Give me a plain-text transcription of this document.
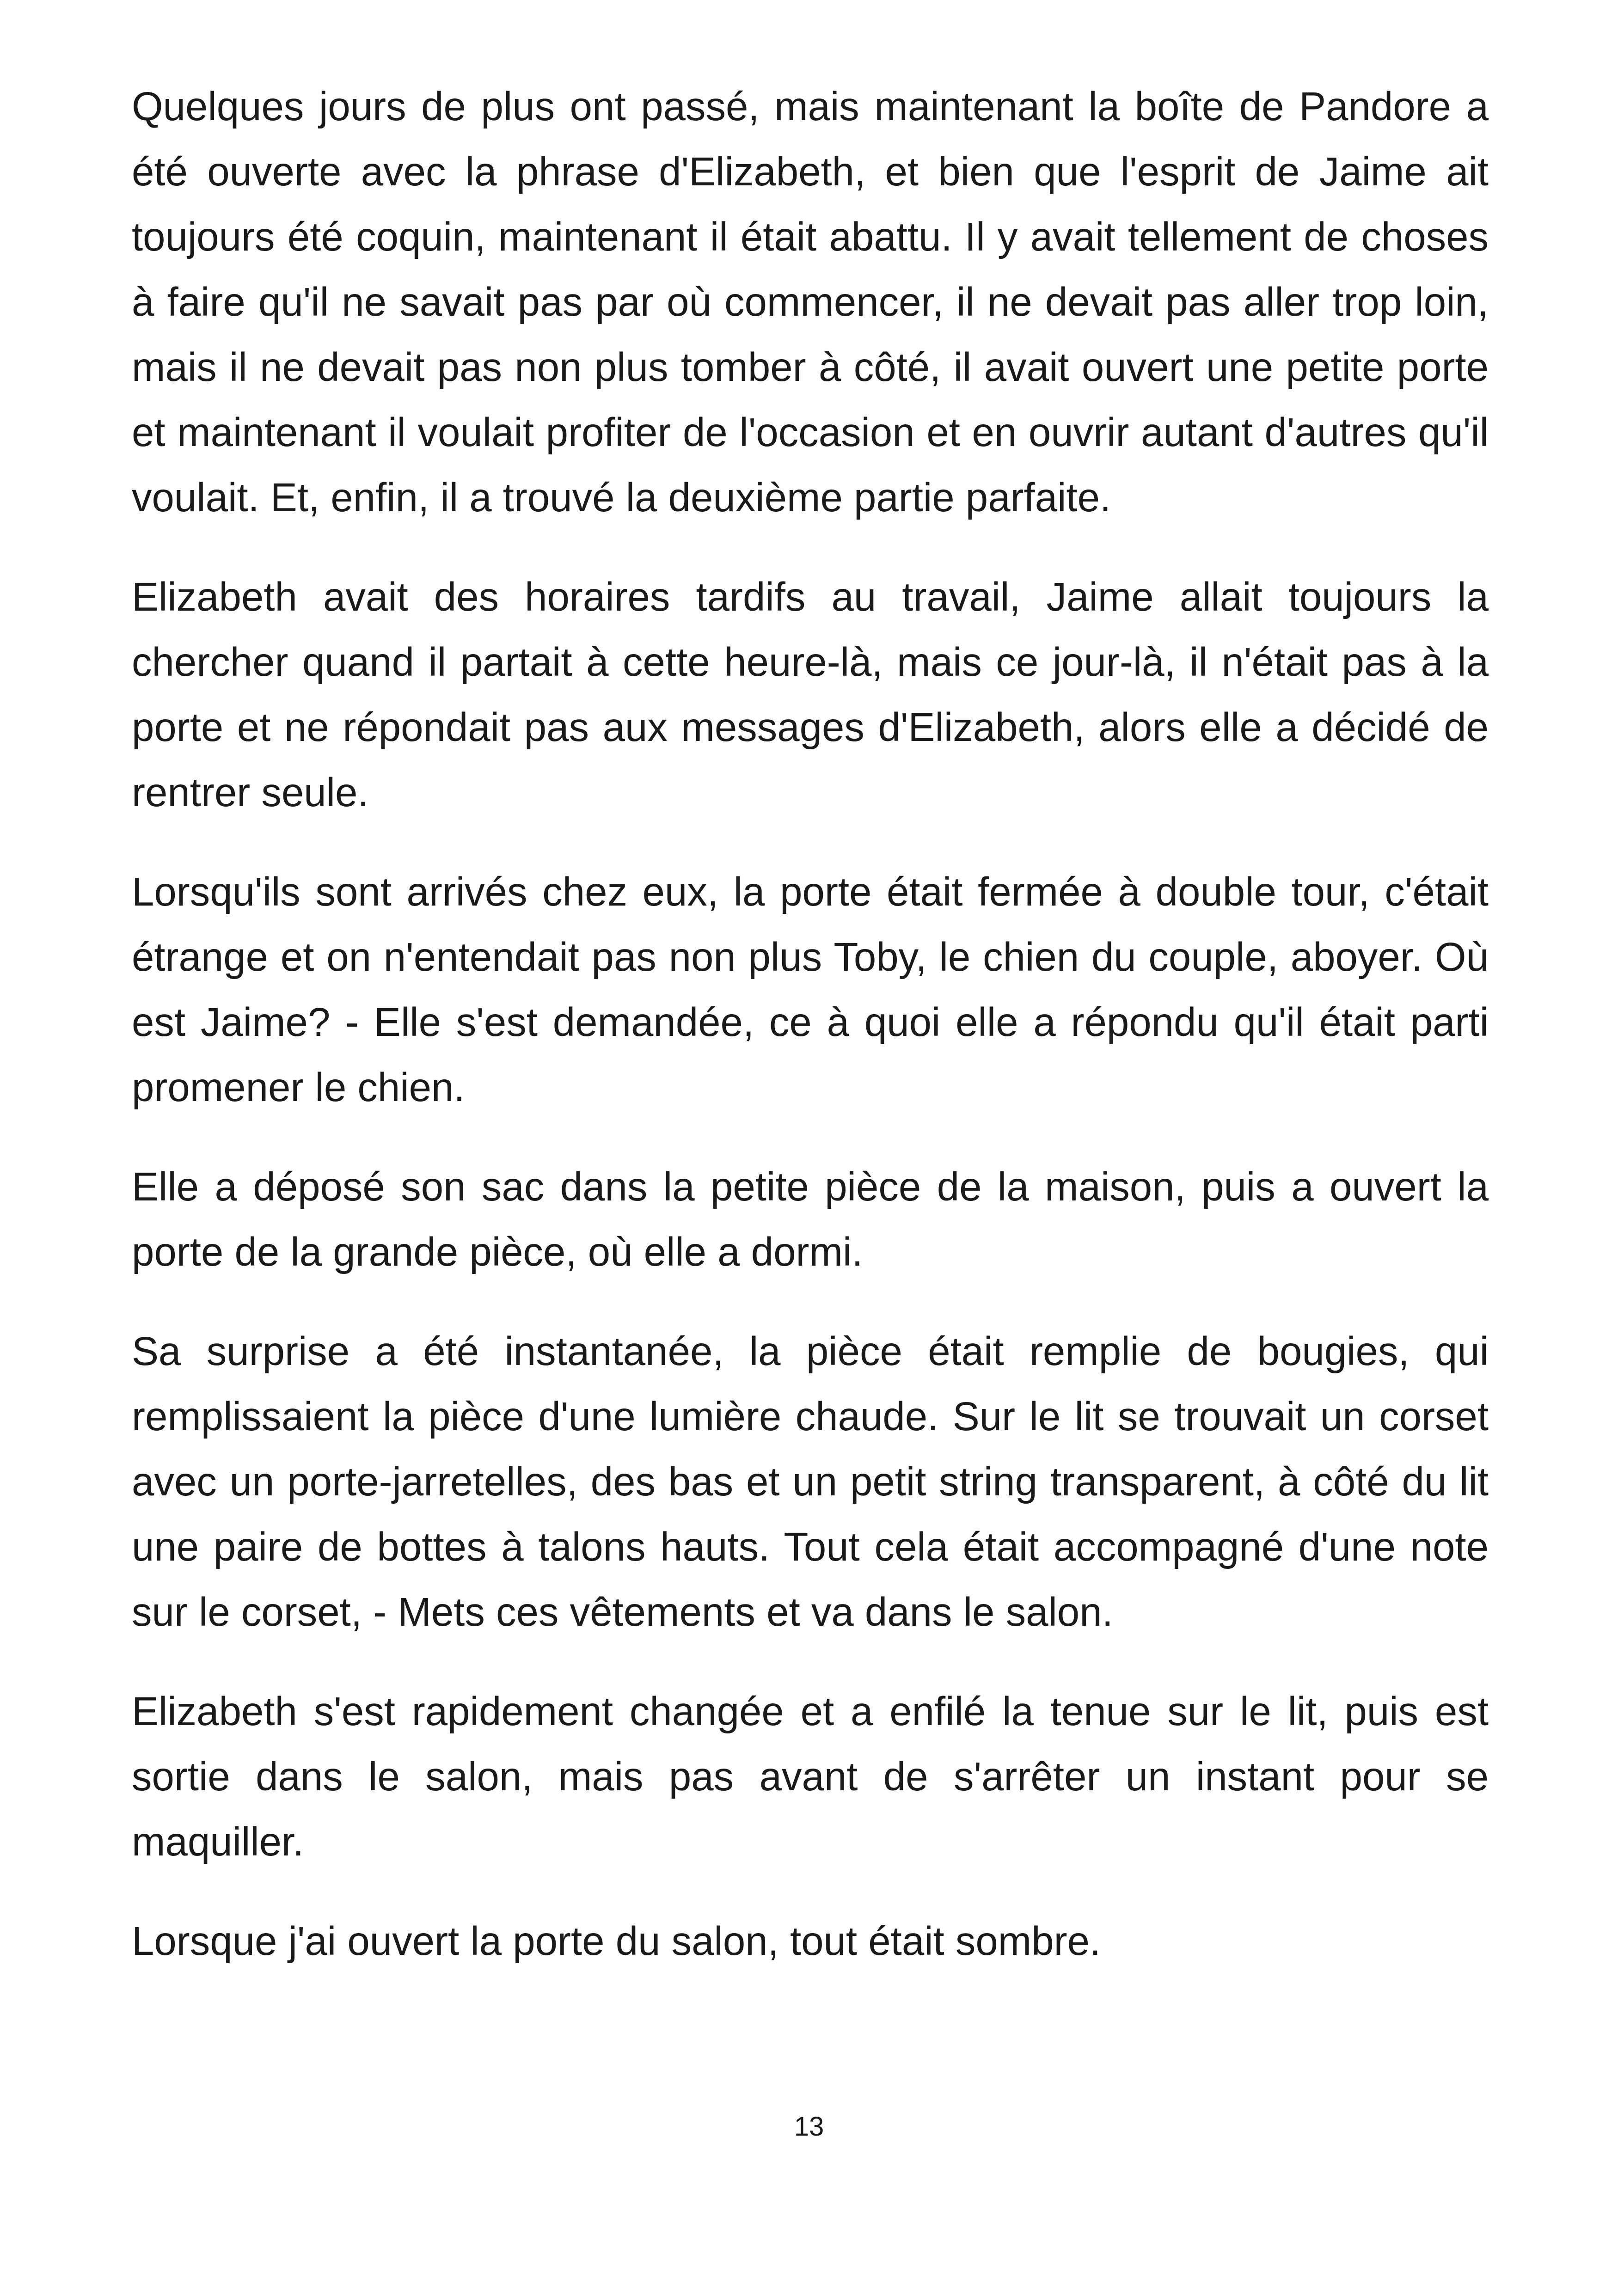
Quelques jours de plus ont passé, mais maintenant la boîte de Pandore a été ouverte avec la phrase d'Elizabeth, et bien que l'esprit de Jaime ait toujours été coquin, maintenant il était abattu. Il y avait tellement de choses à faire qu'il ne savait pas par où commencer, il ne devait pas aller trop loin, mais il ne devait pas non plus tomber à côté, il avait ouvert une petite porte et maintenant il voulait profiter de l'occasion et en ouvrir autant d'autres qu'il voulait. Et, enfin, il a trouvé la deuxième partie parfaite.

Elizabeth avait des horaires tardifs au travail, Jaime allait toujours la chercher quand il partait à cette heure-là, mais ce jour-là, il n'était pas à la porte et ne répondait pas aux messages d'Elizabeth, alors elle a décidé de rentrer seule.

Lorsqu'ils sont arrivés chez eux, la porte était fermée à double tour, c'était étrange et on n'entendait pas non plus Toby, le chien du couple, aboyer. Où est Jaime? - Elle s'est demandée, ce à quoi elle a répondu qu'il était parti promener le chien.

Elle a déposé son sac dans la petite pièce de la maison, puis a ouvert la porte de la grande pièce, où elle a dormi.

Sa surprise a été instantanée, la pièce était remplie de bougies, qui remplissaient la pièce d'une lumière chaude. Sur le lit se trouvait un corset avec un porte-jarretelles, des bas et un petit string transparent, à côté du lit une paire de bottes à talons hauts. Tout cela était accompagné d'une note sur le corset, - Mets ces vêtements et va dans le salon.

Elizabeth s'est rapidement changée et a enfilé la tenue sur le lit, puis est sortie dans le salon, mais pas avant de s'arrêter un instant pour se maquiller.

Lorsque j'ai ouvert la porte du salon, tout était sombre.

13
